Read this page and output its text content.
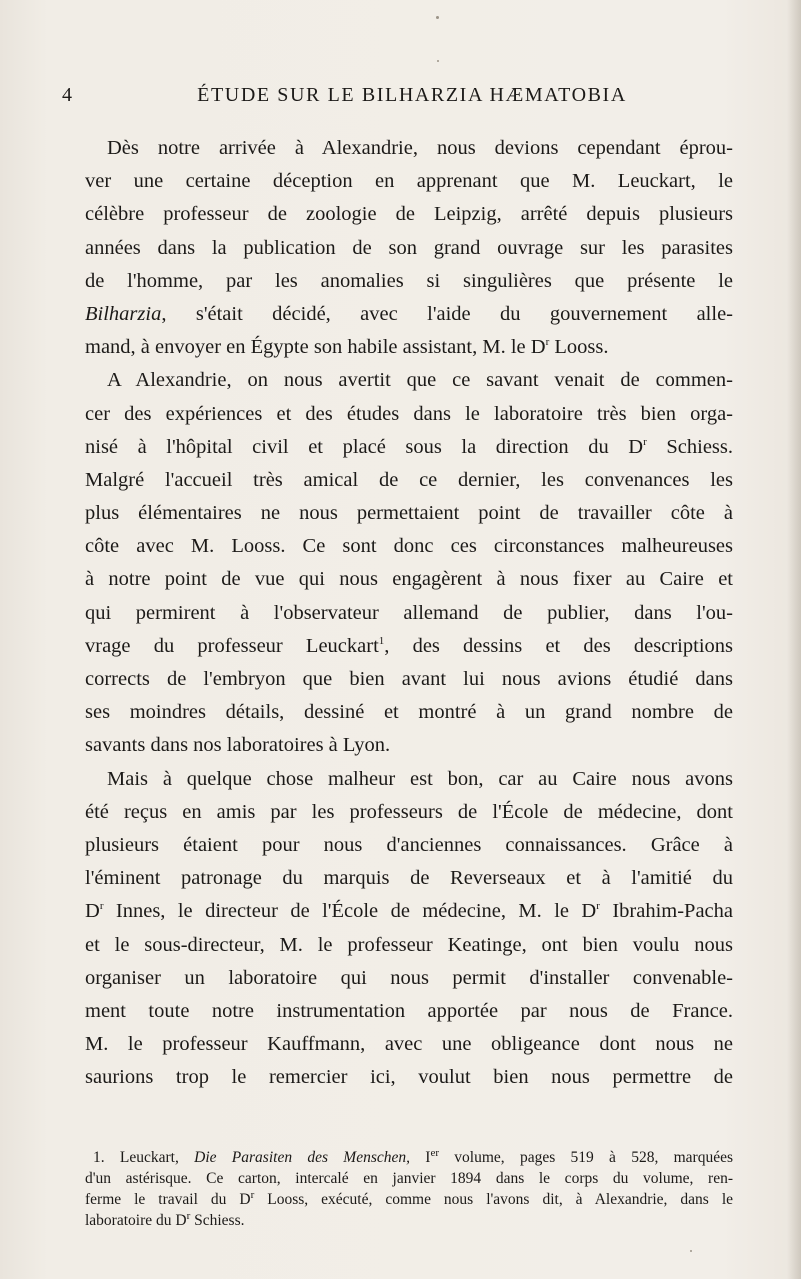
4	ÉTUDE SUR LE BILHARZIA HÆMATOBIA

Dès notre arrivée à Alexandrie, nous devions cependant éprou-
ver une certaine déception en apprenant que M. Leuckart, le
célèbre professeur de zoologie de Leipzig, arrêté depuis plusieurs
années dans la publication de son grand ouvrage sur les parasites
de l'homme, par les anomalies si singulières que présente le
Bilharzia, s'était décidé, avec l'aide du gouvernement alle-
mand, à envoyer en Égypte son habile assistant, M. le $D^r$ Looss.
A Alexandrie, on nous avertit que ce savant venait de commen-
cer des expériences et des études dans le laboratoire très bien orga-
nisé à l'hôpital civil et placé sous la direction du $D^r$ Schiess.
Malgré l'accueil très amical de ce dernier, les convenances les
plus élémentaires ne nous permettaient point de travailler côte à
côte avec M. Looss. Ce sont donc ces circonstances malheureuses
à notre point de vue qui nous engagèrent à nous fixer au Caire et
qui permirent à l'observateur allemand de publier, dans l'ou-
vrage du professeur Leuckart$^1$, des dessins et des descriptions
corrects de l'embryon que bien avant lui nous avions étudié dans
ses moindres détails, dessiné et montré à un grand nombre de
savants dans nos laboratoires à Lyon.

Mais à quelque chose malheur est bon, car au Caire nous avons
été reçus en amis par les professeurs de l'École de médecine, dont
plusieurs étaient pour nous d'anciennes connaissances. Grâce à
l'éminent patronage du marquis de Reverseaux et à l'amitié du
$D^r$ Innes, le directeur de l'École de médecine, M. le $D^r$ Ibrahim-Pacha
et le sous-directeur, M. le professeur Keatinge, ont bien voulu nous
organiser un laboratoire qui nous permit d'installer convenable-
ment toute notre instrumentation apportée par nous de France.
M. le professeur Kauffmann, avec une obligeance dont nous ne
saurions trop le remercier ici, voulut bien nous permettre de

1. Leuckart, Die Parasiten des Menschen, Ier volume, pages 519 à 528, marquées
d'un astérisque. Ce carton, intercalé en janvier 1894 dans le corps du volume, ren-
ferme le travail du $D^r$ Looss, exécuté, comme nous l'avons dit, à Alexandrie, dans le
laboratoire du $D^r$ Schiess.
